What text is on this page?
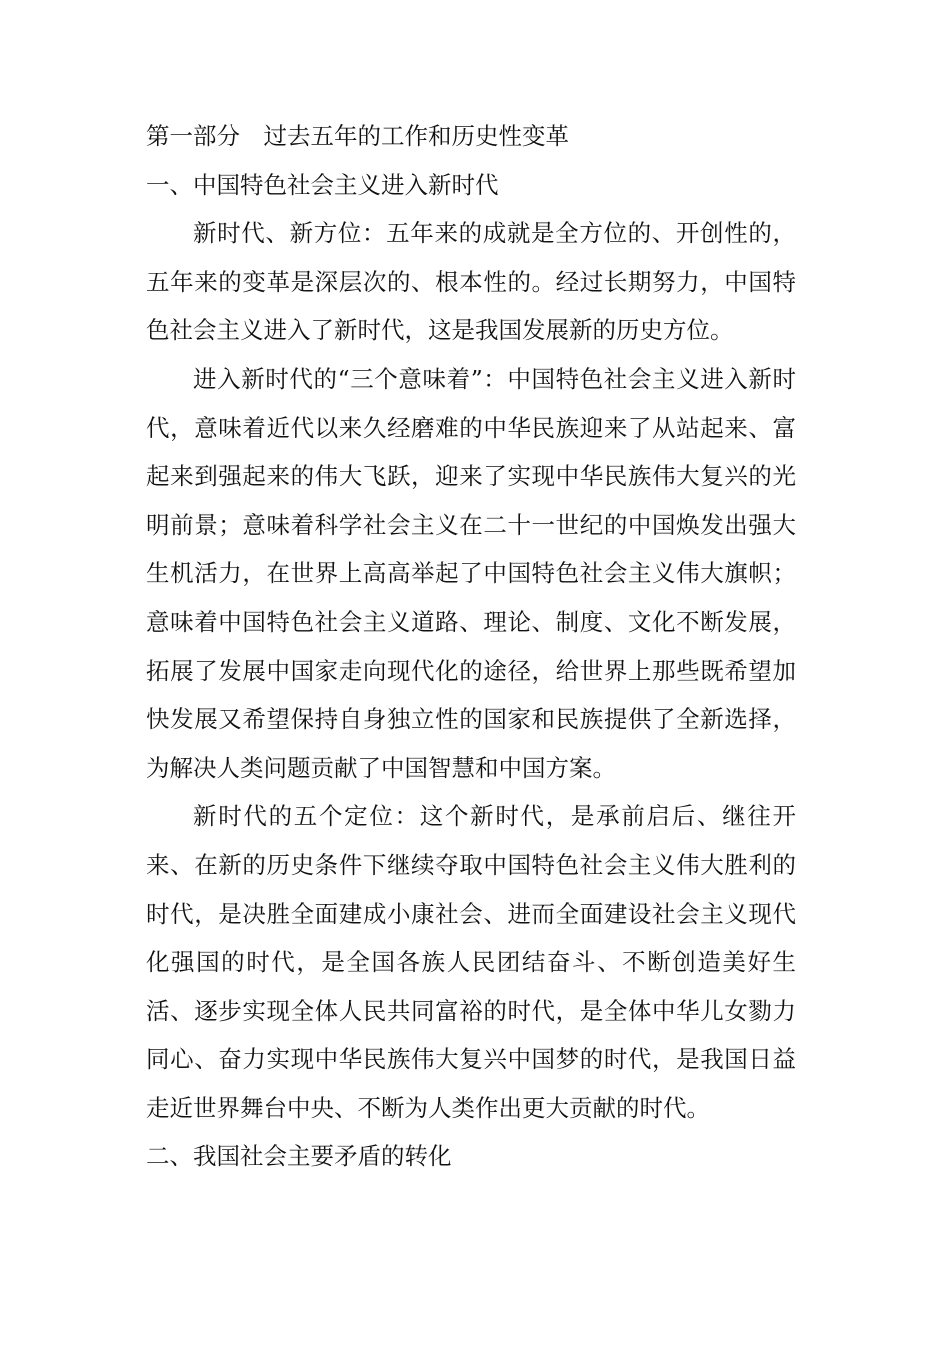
第一部分　过去五年的工作和历史性变革

一、中国特色社会主义进入新时代

新时代、新方位：五年来的成就是全方位的、开创性的，五年来的变革是深层次的、根本性的。经过长期努力，中国特色社会主义进入了新时代，这是我国发展新的历史方位。

进入新时代的“三个意味着”：中国特色社会主义进入新时代，意味着近代以来久经磨难的中华民族迎来了从站起来、富起来到强起来的伟大飞跃，迎来了实现中华民族伟大复兴的光明前景；意味着科学社会主义在二十一世纪的中国焕发出强大生机活力，在世界上高高举起了中国特色社会主义伟大旗帜；意味着中国特色社会主义道路、理论、制度、文化不断发展，拓展了发展中国家走向现代化的途径，给世界上那些既希望加快发展又希望保持自身独立性的国家和民族提供了全新选择，为解决人类问题贡献了中国智慧和中国方案。

新时代的五个定位：这个新时代，是承前启后、继往开来、在新的历史条件下继续夺取中国特色社会主义伟大胜利的时代，是决胜全面建成小康社会、进而全面建设社会主义现代化强国的时代，是全国各族人民团结奋斗、不断创造美好生活、逐步实现全体人民共同富裕的时代，是全体中华儿女勠力同心、奋力实现中华民族伟大复兴中国梦的时代，是我国日益走近世界舞台中央、不断为人类作出更大贡献的时代。

二、我国社会主要矛盾的转化
